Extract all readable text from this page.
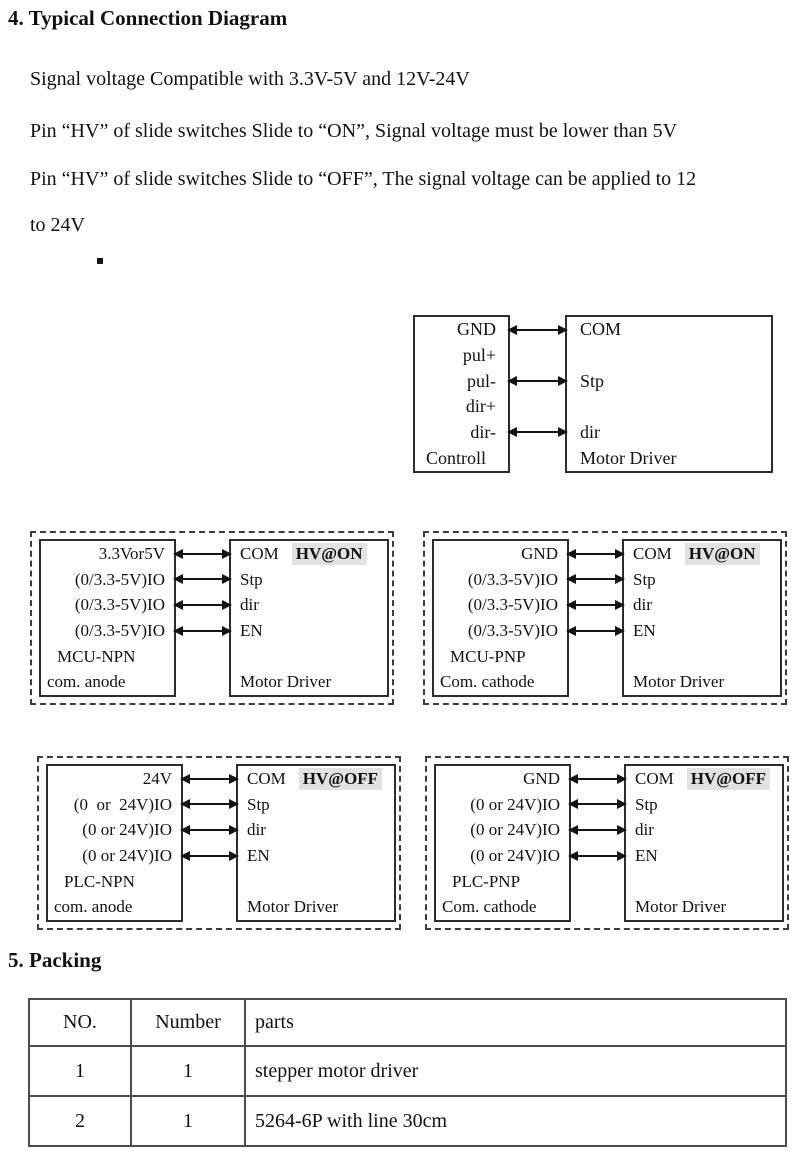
4. Typical Connection Diagram
Signal voltage Compatible with 3.3V-5V and 12V-24V
Pin “HV” of slide switches Slide to “ON”, Signal voltage must be lower than 5V
Pin “HV” of slide switches Slide to “OFF”, The signal voltage can be applied to 12
to 24V
GND
pul+
pul-
dir+
dir-
Controll
COM
Stp
dir
Motor Driver
3.3Vor5V
(0/3.3-5V)IO
(0/3.3-5V)IO
(0/3.3-5V)IO
MCU-NPN
com. anode
COM HV@ON
Stp
dir
EN
Motor Driver
GND
(0/3.3-5V)IO
(0/3.3-5V)IO
(0/3.3-5V)IO
MCU-PNP
Com. cathode
COM HV@ON
Stp
dir
EN
Motor Driver
24V
(0  or  24V)IO
(0 or 24V)IO
(0 or 24V)IO
PLC-NPN
com. anode
COM HV@OFF
Stp
dir
EN
Motor Driver
GND
(0 or 24V)IO
(0 or 24V)IO
(0 or 24V)IO
PLC-PNP
Com. cathode
COM HV@OFF
Stp
dir
EN
Motor Driver
5. Packing
NO.	Number	parts
1	1	stepper motor driver
2	1	5264-6P with line 30cm
